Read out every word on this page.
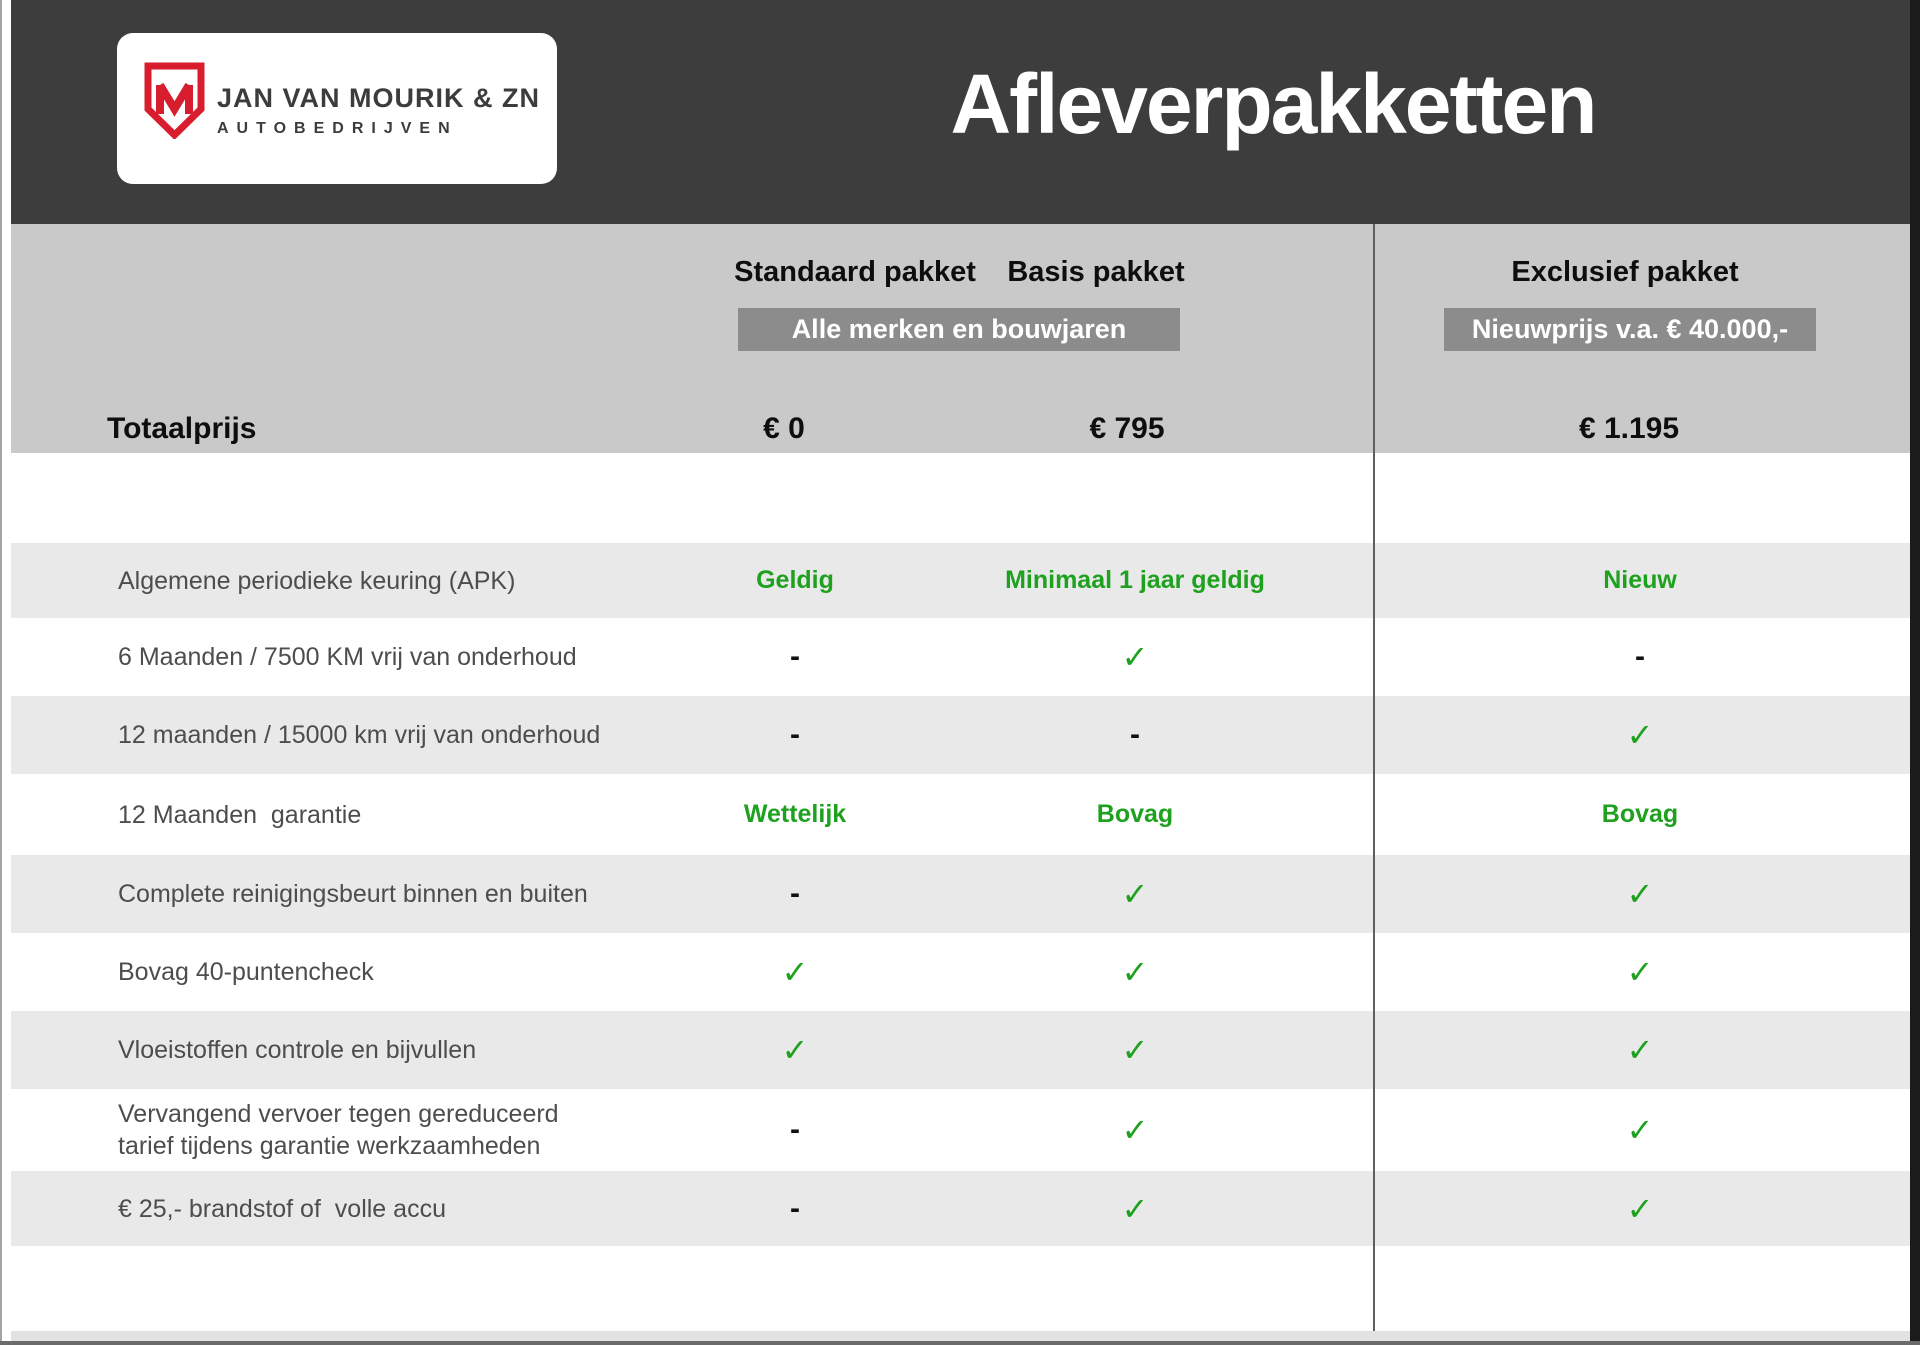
JAN VAN MOURIK & ZN
AUTOBEDRIJVEN	Afleverpakketten
Standaard pakket Basis pakket	Exclusief pakket
Alle merken en bouwjaren	Nieuwprijs v.a. € 40.000,-
Totaalprijs	€ 0	€ 795	€ 1.195
Algemene periodieke keuring (APK)	Geldig	Minimaal 1 jaar geldig	Nieuw
6 Maanden / 7500 KM vrij van onderhoud	-	✓	-
12 maanden / 15000 km vrij van onderhoud	-	-	✓
12 Maanden  garantie	Wettelijk	Bovag	Bovag
Complete reinigingsbeurt binnen en buiten	-	✓	✓
Bovag 40-puntencheck	✓	✓	✓
Vloeistoffen controle en bijvullen	✓	✓	✓
Vervangend vervoer tegen gereduceerd tarief tijdens garantie werkzaamheden	-	✓	✓
€ 25,- brandstof of  volle accu	-	✓	✓
